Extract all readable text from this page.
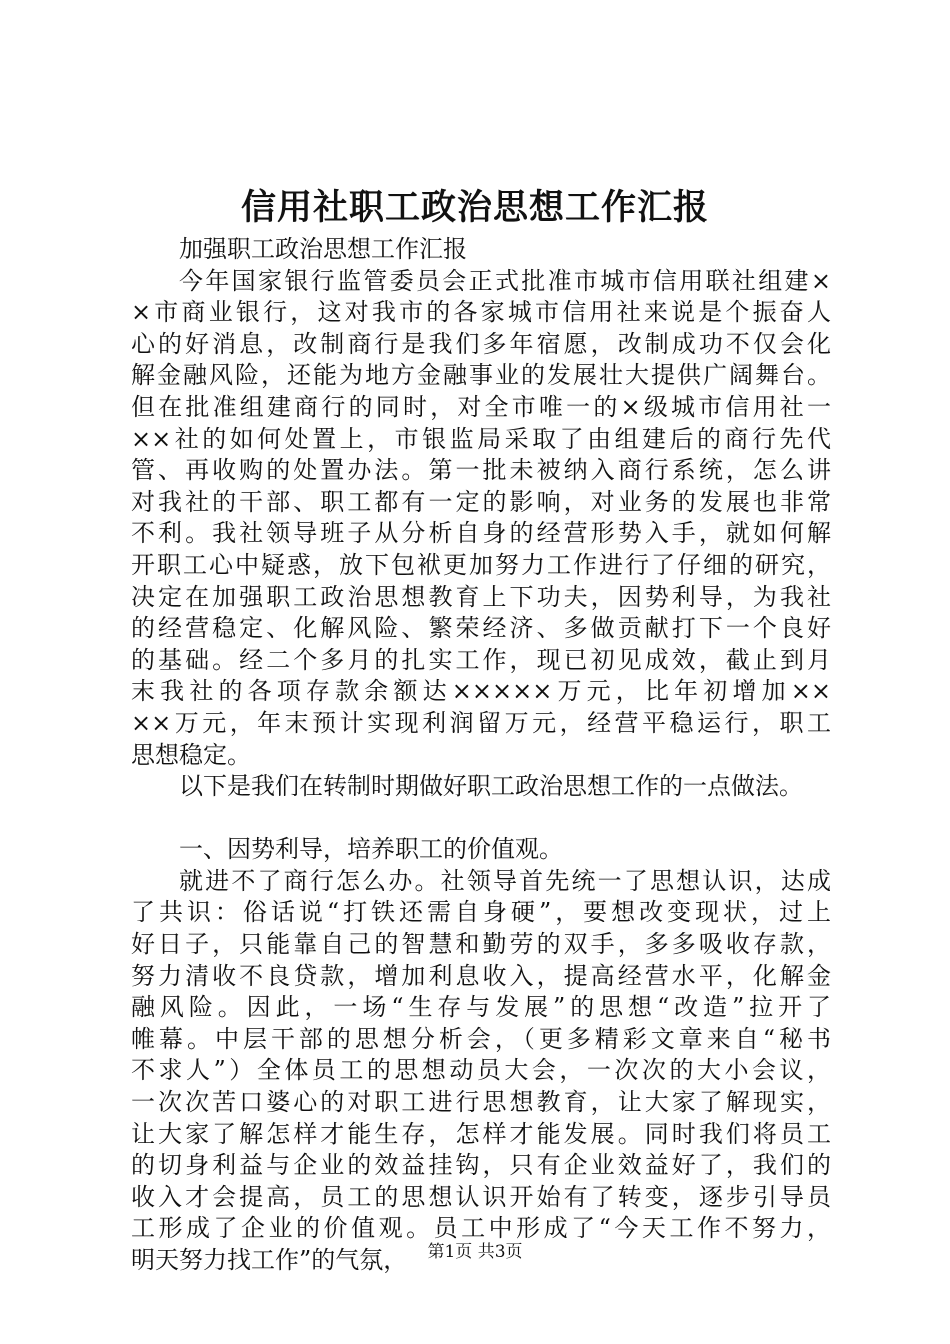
信用社职工政治思想工作汇报
加强职工政治思想工作汇报
今年国家银行监管委员会正式批准市城市信用联社组建×
×市商业银行，这对我市的各家城市信用社来说是个振奋人
心的好消息，改制商行是我们多年宿愿，改制成功不仅会化
解金融风险，还能为地方金融事业的发展壮大提供广阔舞台。
但在批准组建商行的同时，对全市唯一的×级城市信用社一
××社的如何处置上，市银监局采取了由组建后的商行先代
管、再收购的处置办法。第一批未被纳入商行系统，怎么讲
对我社的干部、职工都有一定的影响，对业务的发展也非常
不利。我社领导班子从分析自身的经营形势入手，就如何解
开职工心中疑惑，放下包袱更加努力工作进行了仔细的研究，
决定在加强职工政治思想教育上下功夫，因势利导，为我社
的经营稳定、化解风险、繁荣经济、多做贡献打下一个良好
的基础。经二个多月的扎实工作，现已初见成效，截止到月
末我社的各项存款余额达×××××万元，比年初增加××
××万元，年末预计实现利润留万元，经营平稳运行，职工
思想稳定。
以下是我们在转制时期做好职工政治思想工作的一点做法。
一、因势利导，培养职工的价值观。
就进不了商行怎么办。社领导首先统一了思想认识，达成
了共识：俗话说“打铁还需自身硬”，要想改变现状，过上
好日子，只能靠自己的智慧和勤劳的双手，多多吸收存款，
努力清收不良贷款，增加利息收入，提高经营水平，化解金
融风险。因此，一场“生存与发展”的思想“改造”拉开了
帷幕。中层干部的思想分析会，（更多精彩文章来自“秘书
不求人”）全体员工的思想动员大会，一次次的大小会议，
一次次苦口婆心的对职工进行思想教育，让大家了解现实，
让大家了解怎样才能生存，怎样才能发展。同时我们将员工
的切身利益与企业的效益挂钩，只有企业效益好了，我们的
收入才会提高，员工的思想认识开始有了转变，逐步引导员
工形成了企业的价值观。员工中形成了“今天工作不努力，
明天努力找工作”的气氛，	第1页 共3页
